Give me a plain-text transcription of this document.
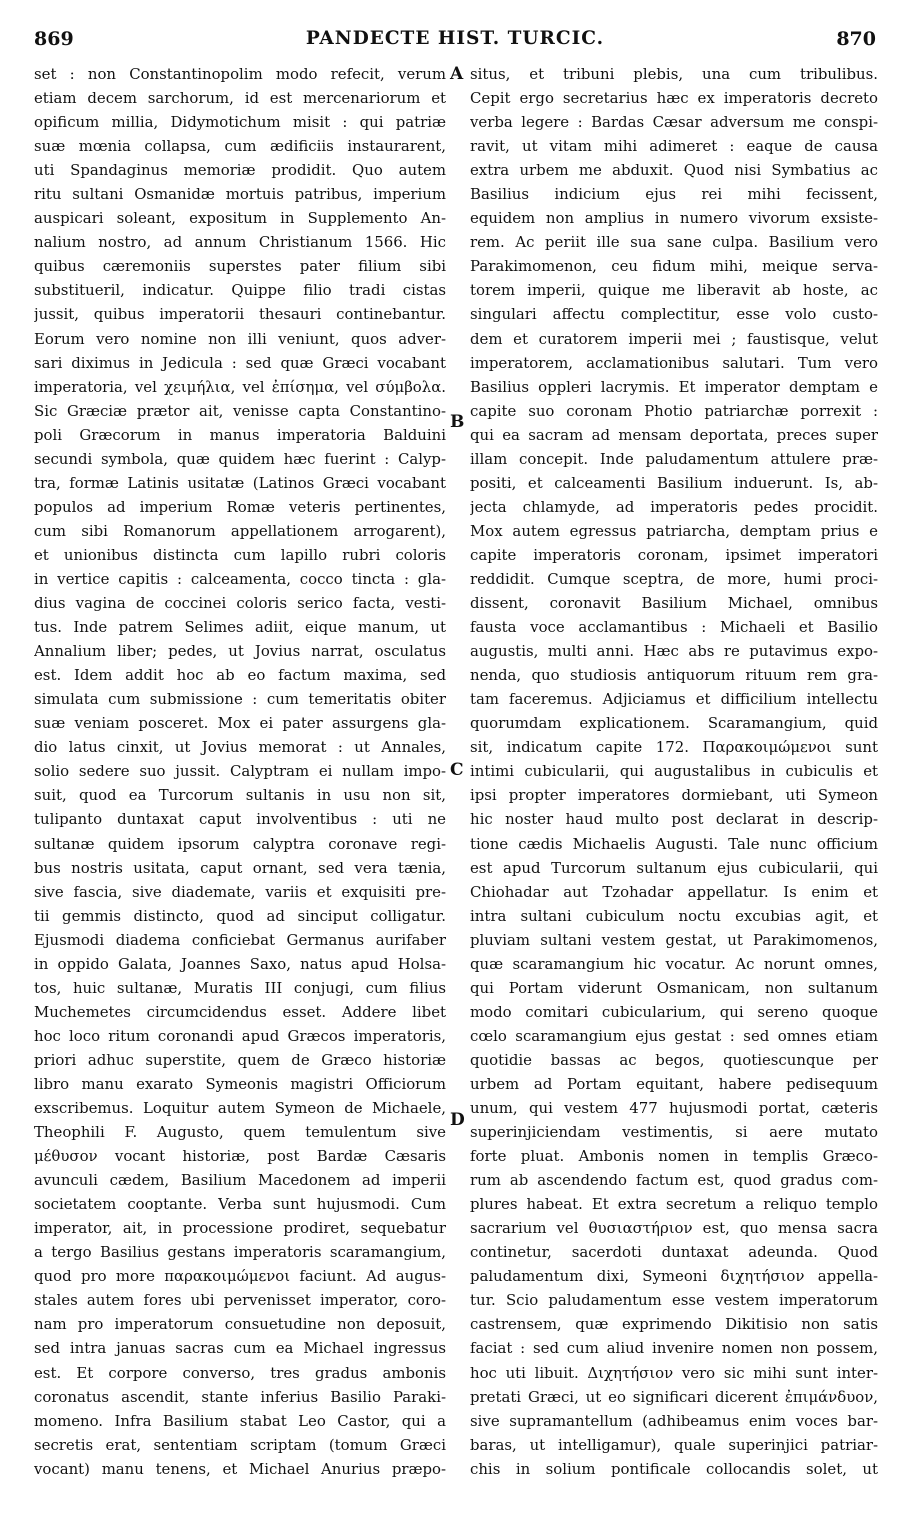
869	PANDECTE HIST. TURCIC.	870
set : non Constantinopolim modo refecit, verum
etiam decem sarchorum, id est mercenariorum et
opificum millia, Didymotichum misit : qui patriæ
suæ mœnia collapsa, cum ædificiis instaurarent,
uti Spandaginus memoriæ prodidit. Quo autem
ritu sultani Osmanidæ mortuis patribus, imperium
auspicari soleant, expositum in Supplemento An-
nalium nostro, ad annum Christianum 1566. Hic
quibus cæremoniis superstes pater filium sibi
substitueril, indicatur. Quippe filio tradi cistas
jussit, quibus imperatorii thesauri continebantur.
Eorum vero nomine non illi veniunt, quos adver-
sari diximus in Jedicula : sed quæ Græci vocabant
imperatoria, vel χειμήλια, vel ἐπίσημα, vel σύμβολα.
Sic Græciæ prætor ait, venisse capta Constantino-
poli Græcorum in manus imperatoria Balduini
secundi symbola, quæ quidem hæc fuerint : Calyp-
tra, formæ Latinis usitatæ (Latinos Græci vocabant
populos ad imperium Romæ veteris pertinentes,
cum sibi Romanorum appellationem arrogarent),
et unionibus distincta cum lapillo rubri coloris
in vertice capitis : calceamenta, cocco tincta : gla-
dius vagina de coccinei coloris serico facta, vesti-
tus. Inde patrem Selimes adiit, eique manum, ut
Annalium liber; pedes, ut Jovius narrat, osculatus
est. Idem addit hoc ab eo factum maxima, sed
simulata cum submissione : cum temeritatis obiter
suæ veniam posceret. Mox ei pater assurgens gla-
dio latus cinxit, ut Jovius memorat : ut Annales,
solio sedere suo jussit. Calyptram ei nullam impo-
suit, quod ea Turcorum sultanis in usu non sit,
tulipanto duntaxat caput involventibus : uti ne
sultanæ quidem ipsorum calyptra coronave regi-
bus nostris usitata, caput ornant, sed vera tænia,
sive fascia, sive diademate, variis et exquisiti pre-
tii gemmis distincto, quod ad sinciput colligatur.
Ejusmodi diadema conficiebat Germanus aurifaber
in oppido Galata, Joannes Saxo, natus apud Holsa-
tos, huic sultanæ, Muratis III conjugi, cum filius
Muchemetes circumcidendus esset. Addere libet
hoc loco ritum coronandi apud Græcos imperatoris,
priori adhuc superstite, quem de Græco historiæ
libro manu exarato Symeonis magistri Officiorum
exscribemus. Loquitur autem Symeon de Michaele,
Theophili F. Augusto, quem temulentum sive
μέθυσον vocant historiæ, post Bardæ Cæsaris
avunculi cædem, Basilium Macedonem ad imperii
societatem cooptante. Verba sunt hujusmodi. Cum
imperator, ait, in processione prodiret, sequebatur
a tergo Basilius gestans imperatoris scaramangium,
quod pro more παρακοιμώμενοι faciunt. Ad augus-
stales autem fores ubi pervenisset imperator, coro-
nam pro imperatorum consuetudine non deposuit,
sed intra januas sacras cum ea Michael ingressus
est. Et corpore converso, tres gradus ambonis
coronatus ascendit, stante inferius Basilio Paraki-
momeno. Infra Basilium stabat Leo Castor, qui a
secretis erat, sententiam scriptam (tomum Græci
vocant) manu tenens, et Michael Anurius præpo-
situs, et tribuni plebis, una cum tribulibus.
Cepit ergo secretarius hæc ex imperatoris decreto
verba legere : Bardas Cæsar adversum me conspi-
ravit, ut vitam mihi adimeret : eaque de causa
extra urbem me abduxit. Quod nisi Symbatius ac
Basilius indicium ejus rei mihi fecissent,
equidem non amplius in numero vivorum exsiste-
rem. Ac periit ille sua sane culpa. Basilium vero
Parakimomenon, ceu fidum mihi, meique serva-
torem imperii, quique me liberavit ab hoste, ac
singulari affectu complectitur, esse volo custo-
dem et curatorem imperii mei ; faustisque, velut
imperatorem, acclamationibus salutari. Tum vero
Basilius oppleri lacrymis. Et imperator demptam e
capite suo coronam Photio patriarchæ porrexit :
qui ea sacram ad mensam deportata, preces super
illam concepit. Inde paludamentum attulere præ-
positi, et calceamenti Basilium induerunt. Is, ab-
jecta chlamyde, ad imperatoris pedes procidit.
Mox autem egressus patriarcha, demptam prius e
capite imperatoris coronam, ipsimet imperatori
reddidit. Cumque sceptra, de more, humi proci-
dissent, coronavit Basilium Michael, omnibus
fausta voce acclamantibus : Michaeli et Basilio
augustis, multi anni. Hæc abs re putavimus expo-
nenda, quo studiosis antiquorum rituum rem gra-
tam faceremus. Adjiciamus et difficilium intellectu
quorumdam explicationem. Scaramangium, quid
sit, indicatum capite 172. Παρακοιμώμενοι sunt
intimi cubicularii, qui augustalibus in cubiculis et
ipsi propter imperatores dormiebant, uti Symeon
hic noster haud multo post declarat in descrip-
tione cædis Michaelis Augusti. Tale nunc officium
est apud Turcorum sultanum ejus cubicularii, qui
Chiohadar aut Tzohadar appellatur. Is enim et
intra sultani cubiculum noctu excubias agit, et
pluviam sultani vestem gestat, ut Parakimomenos,
quæ scaramangium hic vocatur. Ac norunt omnes,
qui Portam viderunt Osmanicam, non sultanum
modo comitari cubicularium, qui sereno quoque
cœlo scaramangium ejus gestat : sed omnes etiam
quotidie bassas ac begos, quotiescunque per
urbem ad Portam equitant, habere pedisequum
unum, qui vestem 477 hujusmodi portat, cæteris
superinjiciendam vestimentis, si aere mutato
forte pluat. Ambonis nomen in templis Græco-
rum ab ascendendo factum est, quod gradus com-
plures habeat. Et extra secretum a reliquo templo
sacrarium vel θυσιαστήριον est, quo mensa sacra
continetur, sacerdoti duntaxat adeunda. Quod
paludamentum dixi, Symeoni διχητήσιον appella-
tur. Scio paludamentum esse vestem imperatorum
castrensem, quæ exprimendo Dikitisio non satis
faciat : sed cum aliud invenire nomen non possem,
hoc uti libuit. Διχητήσιον vero sic mihi sunt inter-
pretati Græci, ut eo significari dicerent ἐπιμάνδυον,
sive supramantellum (adhibeamus enim voces bar-
baras, ut intelligamur), quale superinjici patriar-
chis in solium pontificale collocandis solet, ut
A
B
C
D
